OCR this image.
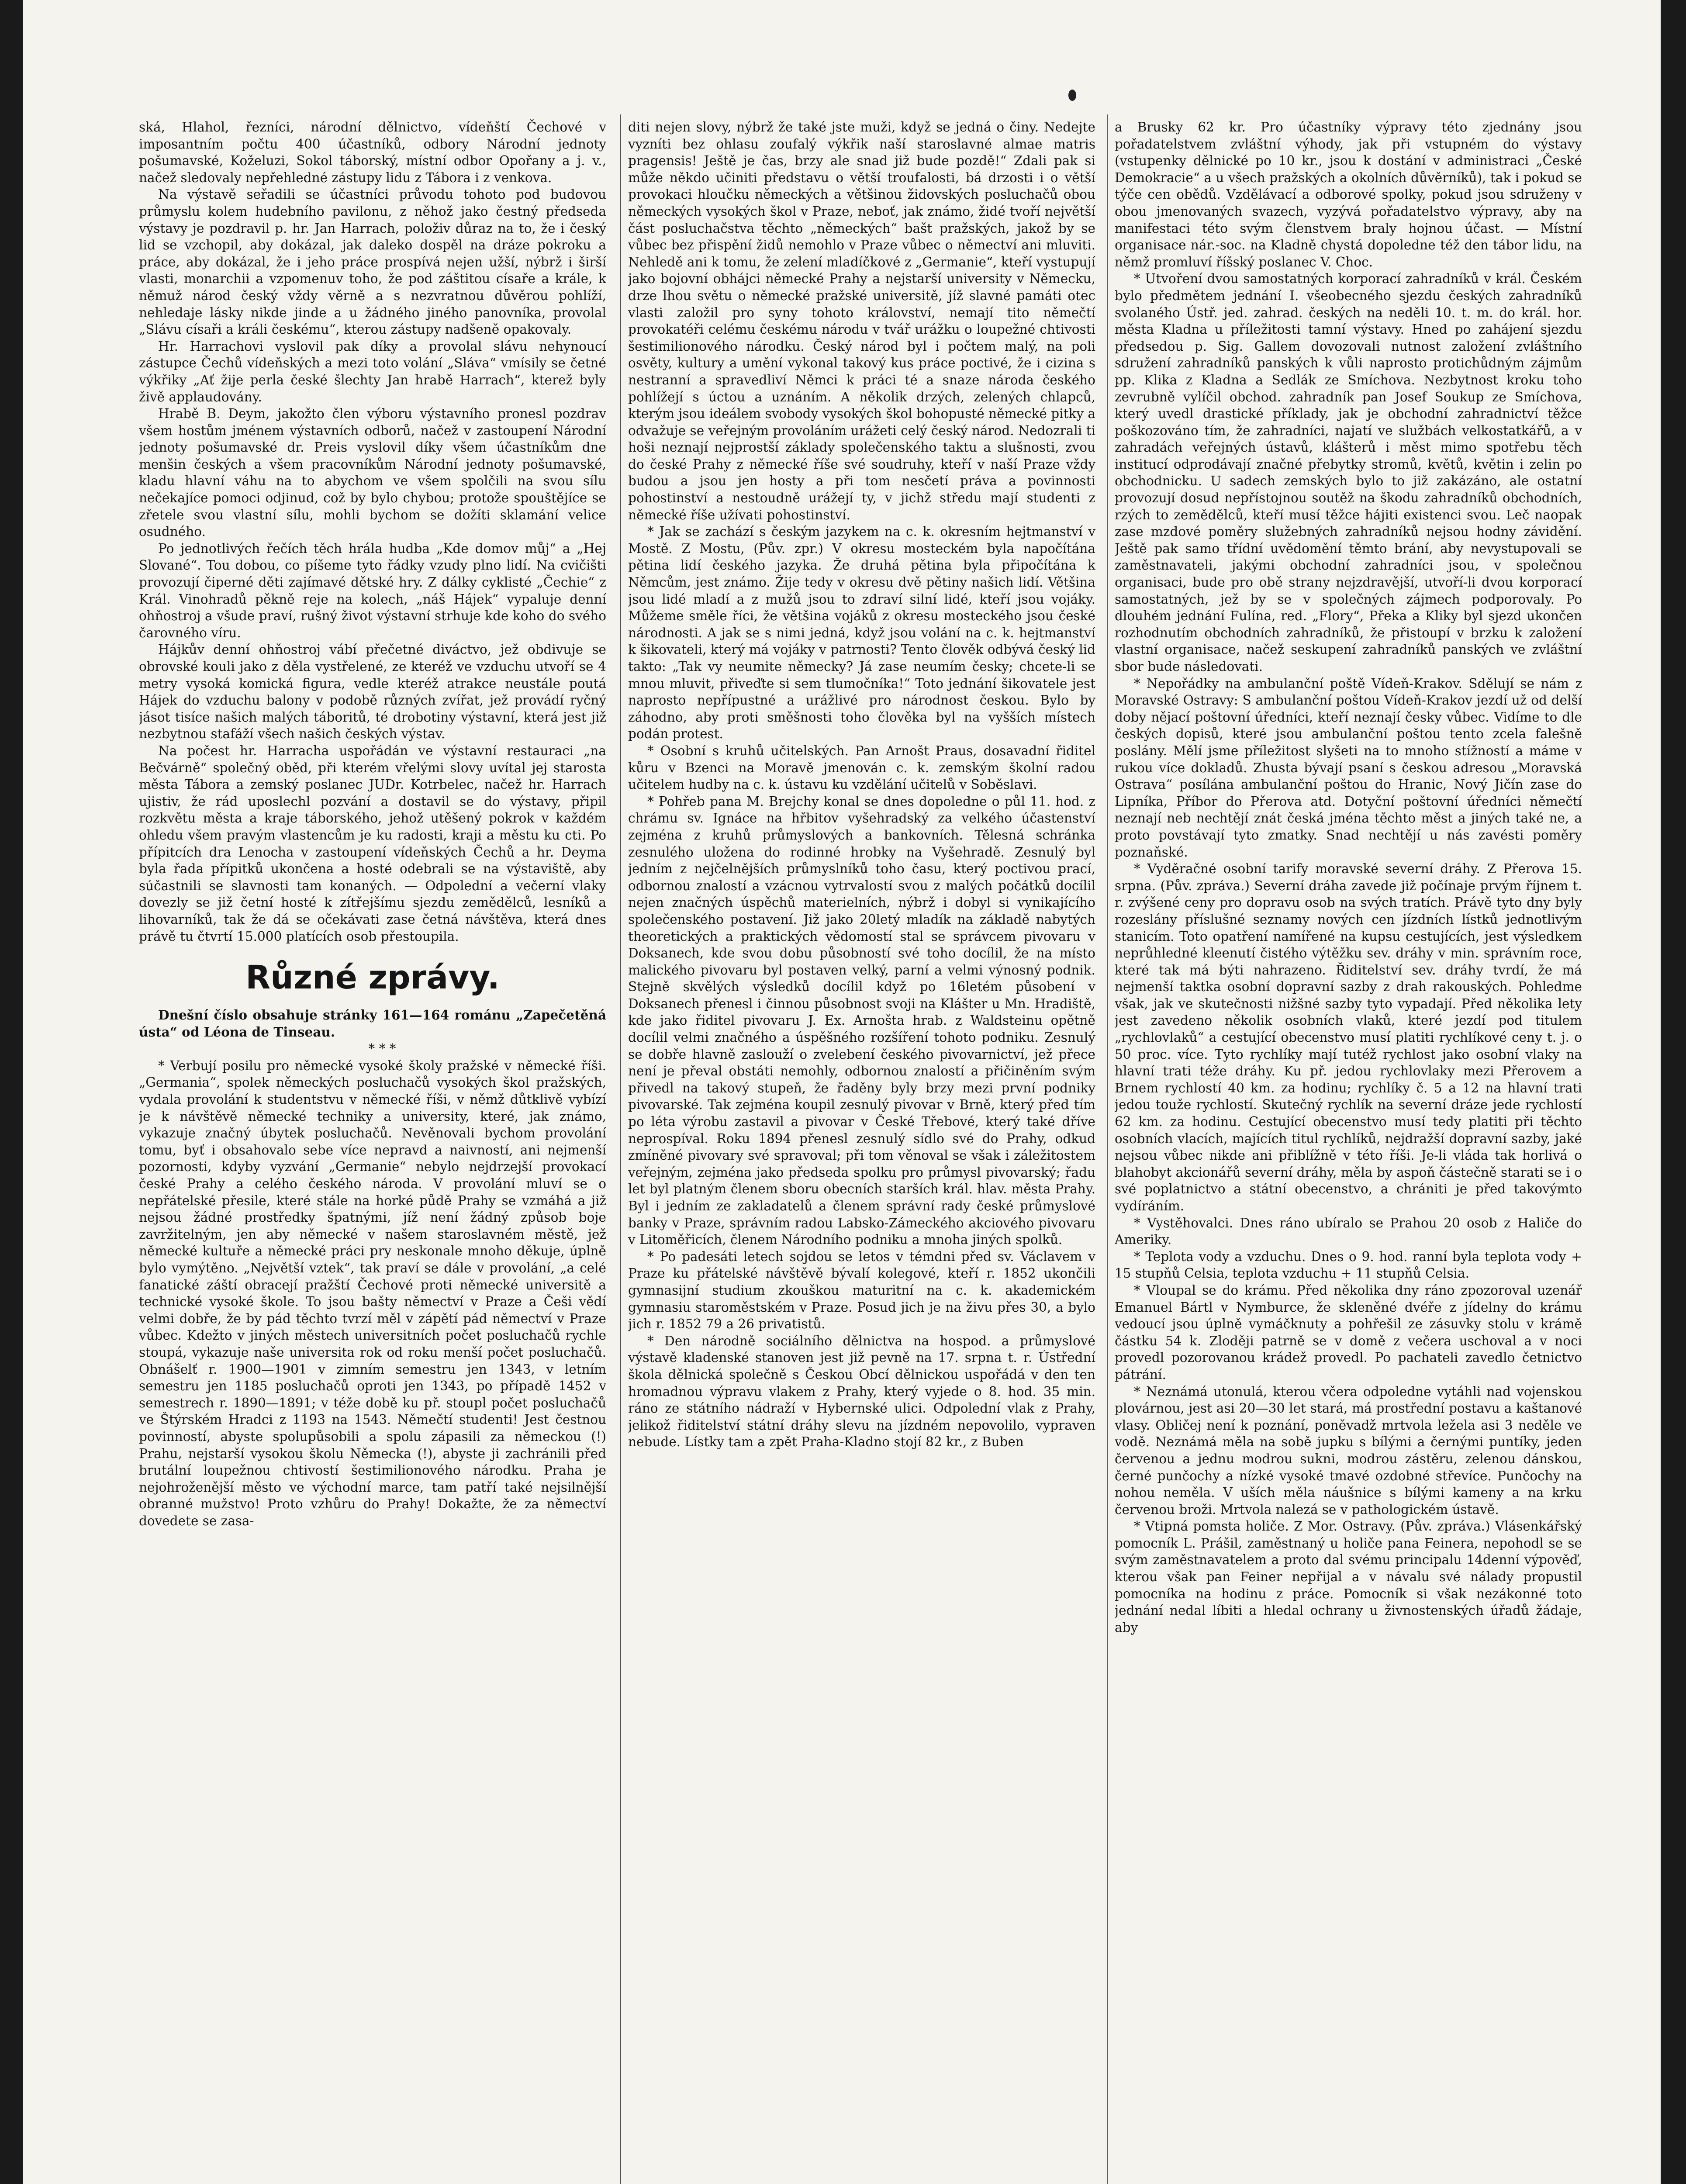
ská, Hlahol, řezníci, národní dělnictvo, vídeňští Čechové v imposantním počtu 400 účastníků, odbory Národní jednoty pošumavské, Koželuzi, Sokol táborský, místní odbor Opořany a j. v., načež sledovaly nepřehledné zástupy lidu z Tábora i z venkova.

Na výstavě seřadili se účastníci průvodu tohoto pod budovou průmyslu kolem hudebního pavilonu, z něhož jako čestný předseda výstavy je pozdravil p. hr. Jan Harrach, položiv důraz na to, že i český lid se vzchopil, aby dokázal, jak daleko dospěl na dráze pokroku a práce, aby dokázal, že i jeho práce prospívá nejen užší, nýbrž i širší vlasti, monarchii a vzpomenuv toho, že pod záštitou císaře a krále, k němuž národ český vždy věrně a s nezvratnou důvěrou pohlíží, nehledaje lásky nikde jinde a u žádného jiného panovníka, provolal „Slávu císaři a králi českému“, kterou zástupy nadšeně opakovaly.

Hr. Harrachovi vyslovil pak díky a provolal slávu nehynoucí zástupce Čechů vídeňských a mezi toto volání „Sláva“ vmísily se četné výkřiky „Ať žije perla české šlechty Jan hrabě Harrach“, kterež byly živě applaudovány.

Hrabě B. Deym, jakožto člen výboru výstavního pronesl pozdrav všem hostům jménem výstavních odborů, načež v zastoupení Národní jednoty pošumavské dr. Preis vyslovil díky všem účastníkům dne menšin českých a všem pracovníkům Národní jednoty pošumavské, kladu hlavní váhu na to abychom ve všem spolčili na svou sílu nečekajíce pomoci odjinud, což by bylo chybou; protože spouštějíce se zřetele svou vlastní sílu, mohli bychom se dožíti sklamání velice osudného.

Po jednotlivých řečích těch hrála hudba „Kde domov můj“ a „Hej Slované“. Tou dobou, co píšeme tyto řádky vzudy plno lidí. Na cvičišti provozují čiperné děti zajímavé dětské hry. Z dálky cyklisté „Čechie“ z Král. Vinohradů pěkně reje na kolech, „náš Hájek“ vypaluje denní ohňostroj a všude praví, rušný život výstavní strhuje kde koho do svého čarovného víru.

Hájkův denní ohňostroj vábí přečetné diváctvo, jež obdivuje se obrovské kouli jako z děla vystřelené, ze kteréž ve vzduchu utvoří se 4 metry vysoká komická figura, vedle kteréž atrakce neustále poutá Hájek do vzduchu balony v podobě různých zvířat, jež provádí ryčný jásot tisíce našich malých táboritů, té drobotiny výstavní, která jest již nezbytnou stafáží všech našich českých výstav.

Na počest hr. Harracha uspořádán ve výstavní restauraci „na Bečvárně“ společný oběd, při kterém vřelými slovy uvítal jej starosta města Tábora a zemský poslanec JUDr. Kotrbelec, načež hr. Harrach ujistiv, že rád uposlechl pozvání a dostavil se do výstavy, připil rozkvětu města a kraje táborského, jehož utěšený pokrok v každém ohledu všem pravým vlastencům je ku radosti, kraji a městu ku cti. Po přípitcích dra Lenocha v zastoupení vídeňských Čechů a hr. Deyma byla řada přípitků ukončena a hosté odebrali se na výstaviště, aby súčastnili se slavnosti tam konaných. — Odpolední a večerní vlaky dovezly se již četní hosté k zítřejšímu sjezdu zemědělců, lesníků a lihovarníků, tak že dá se očekávati zase četná návštěva, která dnes právě tu čtvrtí 15.000 platících osob přestoupila.

Různé zprávy.

Dnešní číslo obsahuje stránky 161—164 románu „Zapečetěná ústa“ od Léona de Tinseau.

* * *

* Verbují posilu pro německé vysoké školy pražské v německé říši. „Germania“, spolek německých posluchačů vysokých škol pražských, vydala provolání k studentstvu v německé říši, v němž důtklivě vybízí je k návštěvě německé techniky a university, které, jak známo, vykazuje značný úbytek posluchačů. Nevěnovali bychom provolání tomu, byť i obsahovalo sebe více nepravd a naivností, ani nejmenší pozornosti, kdyby vyzvání „Germanie“ nebylo nejdrzejší provokací české Prahy a celého českého národa. V provolání mluví se o nepřátelské přesile, které stále na horké půdě Prahy se vzmáhá a již nejsou žádné prostředky špatnými, jíž není žádný způsob boje zavržitelným, jen aby německé v našem staroslavném městě, jež německé kultuře a německé práci pry neskonale mnoho děkuje, úplně bylo vymýtěno. „Největší vztek“, tak praví se dále v provolání, „a celé fanatické záští obracejí pražští Čechové proti německé universitě a technické vysoké škole. To jsou bašty němectví v Praze a Češi vědí velmi dobře, že by pád těchto tvrzí měl v zápětí pád němectví v Praze vůbec. Kdežto v jiných městech universitních počet posluchačů rychle stoupá, vykazuje naše universita rok od roku menší počet posluchačů. Obnášelť r. 1900—1901 v zimním semestru jen 1343, v letním semestru jen 1185 posluchačů oproti jen 1343, po případě 1452 v semestrech r. 1890—1891; v téže době ku př. stoupl počet posluchačů ve Štýrském Hradci z 1193 na 1543. Němečtí studenti! Jest čestnou povinností, abyste spolupůsobili a spolu zápasili za německou (!) Prahu, nejstarší vysokou školu Německa (!), abyste ji zachránili před brutální loupežnou chtivostí šestimilionového národku. Praha je nejohroženější město ve východní marce, tam patří také nejsilnější obranné mužstvo! Proto vzhůru do Prahy! Dokažte, že za němectví dovedete se zasa-

diti nejen slovy, nýbrž že také jste muži, když se jedná o činy. Nedejte vyzníti bez ohlasu zoufalý výkřik naší staroslavné almae matris pragensis! Ještě je čas, brzy ale snad již bude pozdě!“ Zdali pak si může někdo učiniti představu o větší troufalosti, bá drzosti i o větší provokaci hloučku německých a většinou židovských posluchačů obou německých vysokých škol v Praze, neboť, jak známo, židé tvoří největší část posluchačstva těchto „německých“ bašt pražských, jakož by se vůbec bez přispění židů nemohlo v Praze vůbec o němectví ani mluviti. Nehledě ani k tomu, že zelení mladíčkové z „Germanie“, kteří vystupují jako bojovní obhájci německé Prahy a nejstarší university v Německu, drze lhou světu o německé pražské universitě, jíž slavné památi otec vlasti založil pro syny tohoto království, nemají tito němečtí provokatéři celému českému národu v tvář urážku o loupežné chtivosti šestimilionového národku. Český národ byl i počtem malý, na poli osvěty, kultury a umění vykonal takový kus práce poctivé, že i cizina s nestranní a spravedliví Němci k práci té a snaze národa českého pohlížejí s úctou a uznáním. A několik drzých, zelených chlapců, kterým jsou ideálem svobody vysokých škol bohopusté německé pitky a odvažuje se veřejným provoláním urážeti celý český národ. Nedozrali ti hoši neznají nejprostší základy společenského taktu a slušnosti, zvou do české Prahy z německé říše své soudruhy, kteří v naší Praze vždy budou a jsou jen hosty a při tom nesčetí práva a povinnosti pohostinství a nestoudně urážejí ty, v jichž středu mají studenti z německé říše užívati pohostinství.

* Jak se zachází s českým jazykem na c. k. okresním hejtmanství v Mostě. Z Mostu, (Pův. zpr.) V okresu mosteckém byla napočítána pětina lidí českého jazyka. Že druhá pětina byla připočítána k Němcům, jest známo. Žije tedy v okresu dvě pětiny našich lidí. Většina jsou lidé mladí a z mužů jsou to zdraví silní lidé, kteří jsou vojáky. Můžeme směle říci, že většina vojáků z okresu mosteckého jsou české národnosti. A jak se s nimi jedná, když jsou volání na c. k. hejtmanství k šikovateli, který má vojáky v patrnosti? Tento člověk odbývá český lid takto: „Tak vy neumite německy? Já zase neumím česky; chcete-li se mnou mluvit, přiveďte si sem tlumočníka!“ Toto jednání šikovatele jest naprosto nepřípustné a urážlivé pro národnost českou. Bylo by záhodno, aby proti směšnosti toho člověka byl na vyšších místech podán protest.

* Osobní s kruhů učitelských. Pan Arnošt Praus, dosavadní řiditel kůru v Bzenci na Moravě jmenován c. k. zemským školní radou učitelem hudby na c. k. ústavu ku vzdělání učitelů v Soběslavi.

* Pohřeb pana M. Brejchy konal se dnes dopoledne o půl 11. hod. z chrámu sv. Ignáce na hřbitov vyšehradský za velkého účastenství zejména z kruhů průmyslových a bankovních. Tělesná schránka zesnulého uložena do rodinné hrobky na Vyšehradě. Zesnulý byl jedním z nejčelnějších průmyslníků toho času, který poctivou prací, odbornou znalostí a vzácnou vytrvalostí svou z malých počátků docílil nejen značných úspěchů materielních, nýbrž i dobyl si vynikajícího společenského postavení. Již jako 20letý mladík na základě nabytých theoretických a praktických vědomostí stal se správcem pivovaru v Doksanech, kde svou dobu působností své toho docílil, že na místo malického pivovaru byl postaven velký, parní a velmi výnosný podnik. Stejně skvělých výsledků docílil když po 16letém působení v Doksanech přenesl i činnou působnost svoji na Klášter u Mn. Hradiště, kde jako řiditel pivovaru J. Ex. Arnošta hrab. z Waldsteinu opětně docílil velmi značného a úspěšného rozšíření tohoto podniku. Zesnulý se dobře hlavně zaslouží o zvelebení českého pivovarnictví, jež přece není je převal obstáti nemohly, odbornou znalostí a přičiněním svým přivedl na takový stupeň, že řaděny byly brzy mezi první podniky pivovarské. Tak zejména koupil zesnulý pivovar v Brně, který před tím po léta výrobu zastavil a pivovar v České Třebové, který také dříve neprospíval. Roku 1894 přenesl zesnulý sídlo své do Prahy, odkud zmíněné pivovary své spravoval; při tom věnoval se však i záležitostem veřejným, zejména jako předseda spolku pro průmysl pivovarský; řadu let byl platným členem sboru obecních starších král. hlav. města Prahy. Byl i jedním ze zakladatelů a členem správní rady české průmyslové banky v Praze, správním radou Labsko-Zámeckého akciového pivovaru v Litoměřicích, členem Národního podniku a mnoha jiných spolků.

* Po padesáti letech sojdou se letos v témdni před sv. Václavem v Praze ku přátelské návštěvě bývalí kolegové, kteří r. 1852 ukončili gymnasijní studium zkouškou maturitní na c. k. akademickém gymnasiu staroměstském v Praze. Posud jich je na živu přes 30, a bylo jich r. 1852 79 a 26 privatistů.

* Den národně sociálního dělnictva na hospod. a průmyslové výstavě kladenské stanoven jest již pevně na 17. srpna t. r. Ústřední škola dělnická společně s Českou Obcí dělnickou uspořádá v den ten hromadnou výpravu vlakem z Prahy, který vyjede o 8. hod. 35 min. ráno ze státního nádraží v Hybernské ulici. Odpolední vlak z Prahy, jelikož řiditelství státní dráhy slevu na jízdném nepovolilo, vypraven nebude. Lístky tam a zpět Praha-Kladno stojí 82 kr., z Buben

a Brusky 62 kr. Pro účastníky výpravy této zjednány jsou pořadatelstvem zvláštní výhody, jak při vstupném do výstavy (vstupenky dělnické po 10 kr., jsou k dostání v administraci „České Demokracie“ a u všech pražských a okolních důvěrníků), tak i pokud se týče cen obědů. Vzdělávací a odborové spolky, pokud jsou sdruženy v obou jmenovaných svazech, vyzývá pořadatelstvo výpravy, aby na manifestaci této svým členstvem braly hojnou účast. — Místní organisace nár.-soc. na Kladně chystá dopoledne též den tábor lidu, na němž promluví říšský poslanec V. Choc.

* Utvoření dvou samostatných korporací zahradníků v král. Českém bylo předmětem jednání I. všeobecného sjezdu českých zahradníků svolaného Ústř. jed. zahrad. českých na neděli 10. t. m. do král. hor. města Kladna u příležitosti tamní výstavy. Hned po zahájení sjezdu předsedou p. Sig. Gallem dovozovali nutnost založení zvláštního sdružení zahradníků panských k vůli naprosto protichůdným zájmům pp. Klika z Kladna a Sedlák ze Smíchova. Nezbytnost kroku toho zevrubně vylíčil obchod. zahradník pan Josef Soukup ze Smíchova, který uvedl drastické příklady, jak je obchodní zahradnictví těžce poškozováno tím, že zahradníci, najatí ve službách velkostatkářů, a v zahradách veřejných ústavů, klášterů i měst mimo spotřebu těch institucí odprodávají značné přebytky stromů, květů, květin i zelin po obchodnicku. U sadech zemských bylo to již zakázáno, ale ostatní provozují dosud nepřístojnou soutěž na škodu zahradníků obchodních, rzých to zemědělců, kteří musí těžce hájiti existenci svou. Leč naopak zase mzdové poměry služebných zahradníků nejsou hodny závidění. Ještě pak samo třídní uvědomění těmto brání, aby nevystupovali se zaměstnavateli, jakými obchodní zahradníci jsou, v společnou organisaci, bude pro obě strany nejzdravější, utvoří-li dvou korporací samostatných, jež by se v společných zájmech podporovaly. Po dlouhém jednání Fulína, red. „Flory“, Překa a Kliky byl sjezd ukončen rozhodnutím obchodních zahradníků, že přistoupí v brzku k založení vlastní organisace, načež seskupení zahradníků panských ve zvláštní sbor bude následovati.

* Nepořádky na ambulanční poště Vídeň-Krakov. Sdělují se nám z Moravské Ostravy: S ambulanční poštou Vídeň-Krakov jezdí už od delší doby nějací poštovní úředníci, kteří neznají česky vůbec. Vidíme to dle českých dopisů, které jsou ambulanční poštou tento zcela falešně poslány. Mělí jsme příležitost slyšeti na to mnoho stížností a máme v rukou více dokladů. Zhusta bývají psaní s českou adresou „Moravská Ostrava“ posílána ambulanční poštou do Hranic, Nový Jičín zase do Lipníka, Příbor do Přerova atd. Dotyční poštovní úředníci němečtí neznají neb nechtějí znát česká jména těchto měst a jiných také ne, a proto povstávají tyto zmatky. Snad nechtějí u nás zavésti poměry poznaňské.

* Vyděračné osobní tarify moravské severní dráhy. Z Přerova 15. srpna. (Pův. zpráva.) Severní dráha zavede již počínaje prvým říjnem t. r. zvýšené ceny pro dopravu osob na svých tratích. Právě tyto dny byly rozeslány příslušné seznamy nových cen jízdních lístků jednotlivým stanicím. Toto opatření namířené na kupsu cestujících, jest výsledkem neprůhledné kleenutí čistého výtěžku sev. dráhy v min. správním roce, které tak má býti nahrazeno. Řiditelství sev. dráhy tvrdí, že má nejmenší taktka osobní dopravní sazby z drah rakouských. Pohledme však, jak ve skutečnosti nižšné sazby tyto vypadají. Před několika lety jest zavedeno několik osobních vlaků, které jezdí pod titulem „rychlovlaků“ a cestující obecenstvo musí platiti rychlíkové ceny t. j. o 50 proc. více. Tyto rychlíky mají tutéž rychlost jako osobní vlaky na hlavní trati téže dráhy. Ku př. jedou rychlovlaky mezi Přerovem a Brnem rychlostí 40 km. za hodinu; rychlíky č. 5 a 12 na hlavní trati jedou touže rychlostí. Skutečný rychlík na severní dráze jede rychlostí 62 km. za hodinu. Cestující obecenstvo musí tedy platiti při těchto osobních vlacích, majících titul rychlíků, nejdražší dopravní sazby, jaké nejsou vůbec nikde ani přiblížně v této říši. Je-li vláda tak horlivá o blahobyt akcionářů severní dráhy, měla by aspoň částečně starati se i o své poplatnictvo a státní obecenstvo, a chrániti je před takovýmto vydíráním.

* Vystěhovalci. Dnes ráno ubíralo se Prahou 20 osob z Haliče do Ameriky.

* Teplota vody a vzduchu. Dnes o 9. hod. ranní byla teplota vody + 15 stupňů Celsia, teplota vzduchu + 11 stupňů Celsia.

* Vloupal se do krámu. Před několika dny ráno zpozoroval uzenář Emanuel Bártl v Nymburce, že skleněné dvéře z jídelny do krámu vedoucí jsou úplně vymáčknuty a pohřešil ze zásuvky stolu v krámě částku 54 k. Zloději patrně se v domě z večera uschoval a v noci provedl pozorovanou krádež provedl. Po pachateli zavedlo četnictvo pátrání.

* Neznámá utonulá, kterou včera odpoledne vytáhli nad vojenskou plovárnou, jest asi 20—30 let stará, má prostřední postavu a kaštanové vlasy. Obličej není k poznání, poněvadž mrtvola ležela asi 3 neděle ve vodě. Neznámá měla na sobě jupku s bílými a černými puntíky, jeden červenou a jednu modrou sukni, modrou zástěru, zelenou dánskou, černé punčochy a nízké vysoké tmavé ozdobné střevíce. Punčochy na nohou neměla. V uších měla náušnice s bílými kameny a na krku červenou broži. Mrtvola nalezá se v pathologickém ústavě.

* Vtipná pomsta holiče. Z Mor. Ostravy. (Pův. zpráva.) Vlásenkářský pomocník L. Prášil, zaměstnaný u holiče pana Feinera, nepohodl se se svým zaměstnavatelem a proto dal svému principalu 14denní výpověď, kterou však pan Feiner nepřijal a v návalu své nálady propustil pomocníka na hodinu z práce. Pomocník si však nezákonné toto jednání nedal líbiti a hledal ochrany u živnostenských úřadů žádaje, aby
